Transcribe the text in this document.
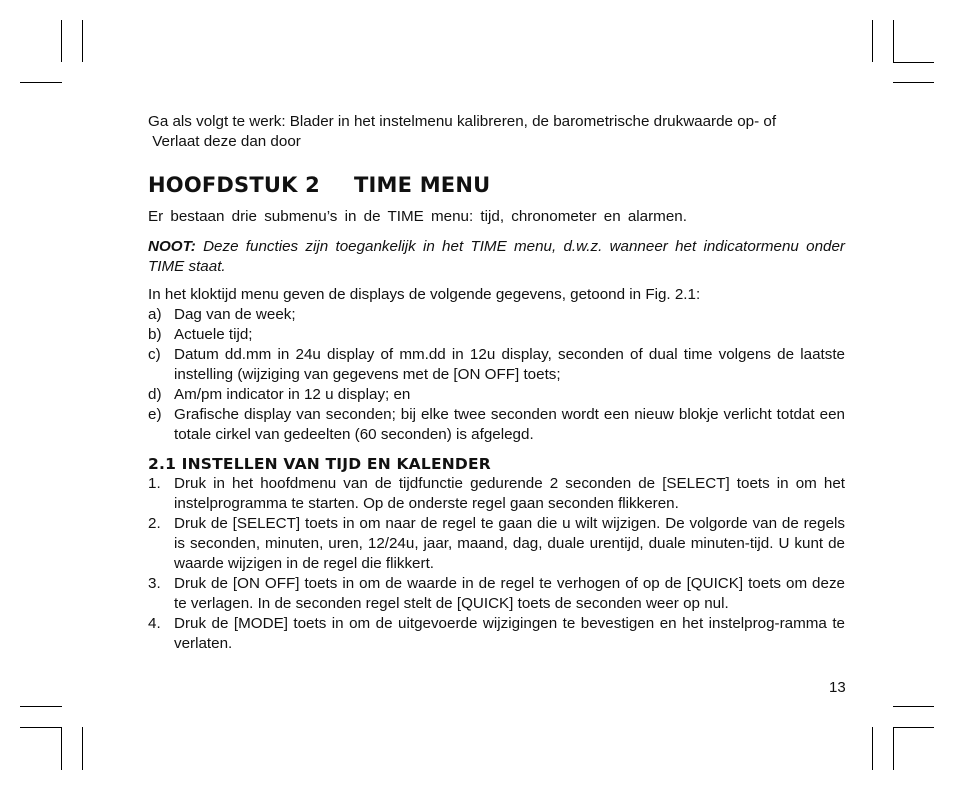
Ga als volgt te werk: Blader in het instelmenu kalibreren, de barometrische drukwaarde op- of

Verlaat deze dan door

HOOFDSTUK 2	TIME MENU

Er bestaan drie submenu’s in de TIME menu: tijd, chronometer en alarmen.

NOOT: Deze functies zijn toegankelijk in het TIME menu, d.w.z. wanneer het indicatormenu onder TIME staat.

In het kloktijd menu geven de displays de volgende gegevens, getoond in Fig. 2.1:

a) Dag van de week;
b) Actuele tijd;
c) Datum dd.mm in 24u display of mm.dd in 12u display, seconden of dual time volgens de laatste instelling (wijziging van gegevens met de [ON OFF] toets;
d) Am/pm indicator in 12 u display; en
e) Grafische display van seconden; bij elke twee seconden wordt een nieuw blokje verlicht totdat een totale cirkel van gedeelten (60 seconden) is afgelegd.
2.1 INSTELLEN VAN TIJD EN KALENDER
1. Druk in het hoofdmenu van de tijdfunctie gedurende 2 seconden de [SELECT] toets in om het instelprogramma te starten. Op de onderste regel gaan seconden flikkeren.
2. Druk de [SELECT] toets in om naar de regel te gaan die u wilt wijzigen. De volgorde van de regels is seconden, minuten, uren, 12/24u, jaar, maand, dag, duale urentijd, duale minuten-tijd. U kunt de waarde wijzigen in de regel die flikkert.
3. Druk de [ON OFF] toets in om de waarde in de regel te verhogen of op de [QUICK] toets om deze te verlagen. In de seconden regel stelt de [QUICK] toets de seconden weer op nul.
4. Druk de [MODE] toets in om de uitgevoerde wijzigingen te bevestigen en het instelprog-ramma te verlaten.
13
